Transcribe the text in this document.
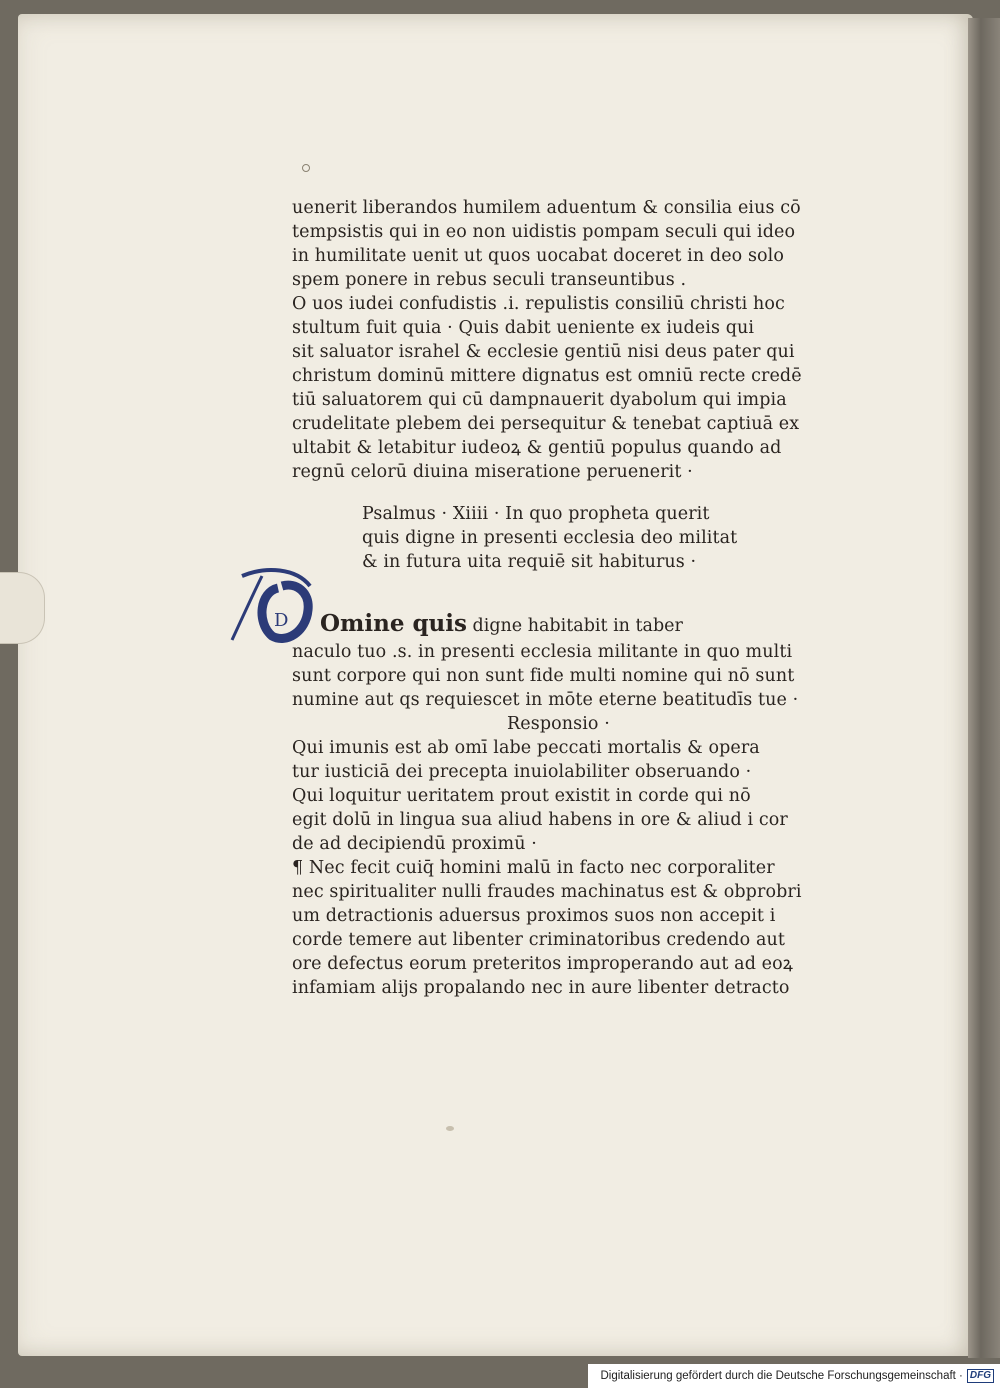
uenerit liberandos humilem aduentum & consilia eius cō
tempsistis qui in eo non uidistis pompam seculi qui ideo
in humilitate uenit ut quos uocabat doceret in deo solo
spem ponere in rebus seculi transeuntibus .
O uos iudei confudistis .i. repulistis consiliū christi hoc
stultum fuit quia · Quis dabit ueniente ex iudeis qui
sit saluator israhel & ecclesie gentiū nisi deus pater qui
christum dominū mittere dignatus est omniū recte credē
tiū saluatorem qui cū dampnauerit dyabolum qui impia
crudelitate plebem dei persequitur & tenebat captiuā ex
ultabit & letabitur iudeoꝝ & gentiū populus quando ad
regnū celorū diuina miseratione peruenerit ·
Psalmus · Xiiii · In quo propheta querit
quis digne in presenti ecclesia deo militat
& in futura uita requiē sit habiturus ·
D Omine quis digne habitabit in taber
naculo tuo .s. in presenti ecclesia militante in quo multi
sunt corpore qui non sunt fide multi nomine qui nō sunt
numine aut qs requiescet in mōte eterne beatitudīs tue ·
Responsio ·
Qui imunis est ab omī labe peccati mortalis & opera
tur iusticiā dei precepta inuiolabiliter obseruando ·
Qui loquitur ueritatem prout existit in corde qui nō
egit dolū in lingua sua aliud habens in ore & aliud i cor
de ad decipiendū proximū ·
¶ Nec fecit cuiq̄ homini malū in facto nec corporaliter
nec spiritualiter nulli fraudes machinatus est & obprobri
um detractionis aduersus proximos suos non accepit i
corde temere aut libenter criminatoribus credendo aut
ore defectus eorum preteritos improperando aut ad eoꝝ
infamiam alijs propalando nec in aure libenter detracto
Digitalisierung gefördert durch die Deutsche Forschungsgemeinschaft · DFG
